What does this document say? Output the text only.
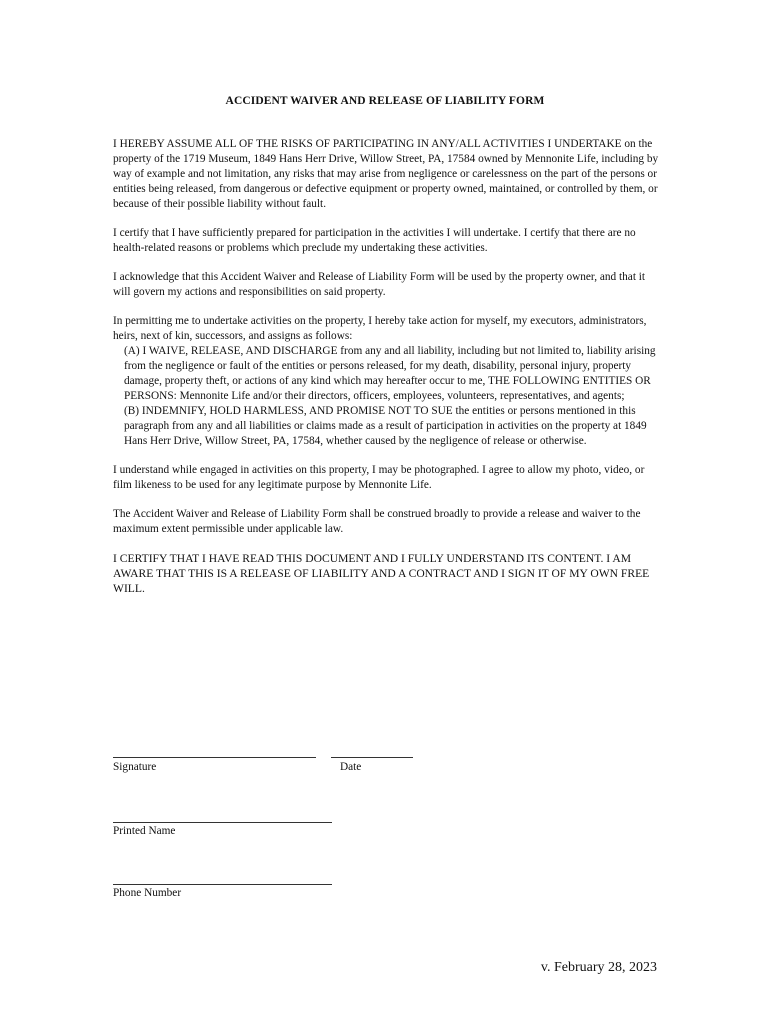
ACCIDENT WAIVER AND RELEASE OF LIABILITY FORM

I HEREBY ASSUME ALL OF THE RISKS OF PARTICIPATING IN ANY/ALL ACTIVITIES I UNDERTAKE on the property of the 1719 Museum, 1849 Hans Herr Drive, Willow Street, PA, 17584 owned by Mennonite Life, including by way of example and not limitation, any risks that may arise from negligence or carelessness on the part of the persons or entities being released, from dangerous or defective equipment or property owned, maintained, or controlled by them, or because of their possible liability without fault.

I certify that I have sufficiently prepared for participation in the activities I will undertake. I certify that there are no health-related reasons or problems which preclude my undertaking these activities.

I acknowledge that this Accident Waiver and Release of Liability Form will be used by the property owner, and that it will govern my actions and responsibilities on said property.

In permitting me to undertake activities on the property, I hereby take action for myself, my executors, administrators, heirs, next of kin, successors, and assigns as follows:
(A) I WAIVE, RELEASE, AND DISCHARGE from any and all liability, including but not limited to, liability arising from the negligence or fault of the entities or persons released, for my death, disability, personal injury, property damage, property theft, or actions of any kind which may hereafter occur to me, THE FOLLOWING ENTITIES OR PERSONS: Mennonite Life and/or their directors, officers, employees, volunteers, representatives, and agents;
(B) INDEMNIFY, HOLD HARMLESS, AND PROMISE NOT TO SUE the entities or persons mentioned in this paragraph from any and all liabilities or claims made as a result of participation in activities on the property at 1849 Hans Herr Drive, Willow Street, PA, 17584, whether caused by the negligence of release or otherwise.

I understand while engaged in activities on this property, I may be photographed. I agree to allow my photo, video, or film likeness to be used for any legitimate purpose by Mennonite Life.

The Accident Waiver and Release of Liability Form shall be construed broadly to provide a release and waiver to the maximum extent permissible under applicable law.

I CERTIFY THAT I HAVE READ THIS DOCUMENT AND I FULLY UNDERSTAND ITS CONTENT. I AM AWARE THAT THIS IS A RELEASE OF LIABILITY AND A CONTRACT AND I SIGN IT OF MY OWN FREE WILL.

Signature	Date
Printed Name
Phone Number
v. February 28, 2023
